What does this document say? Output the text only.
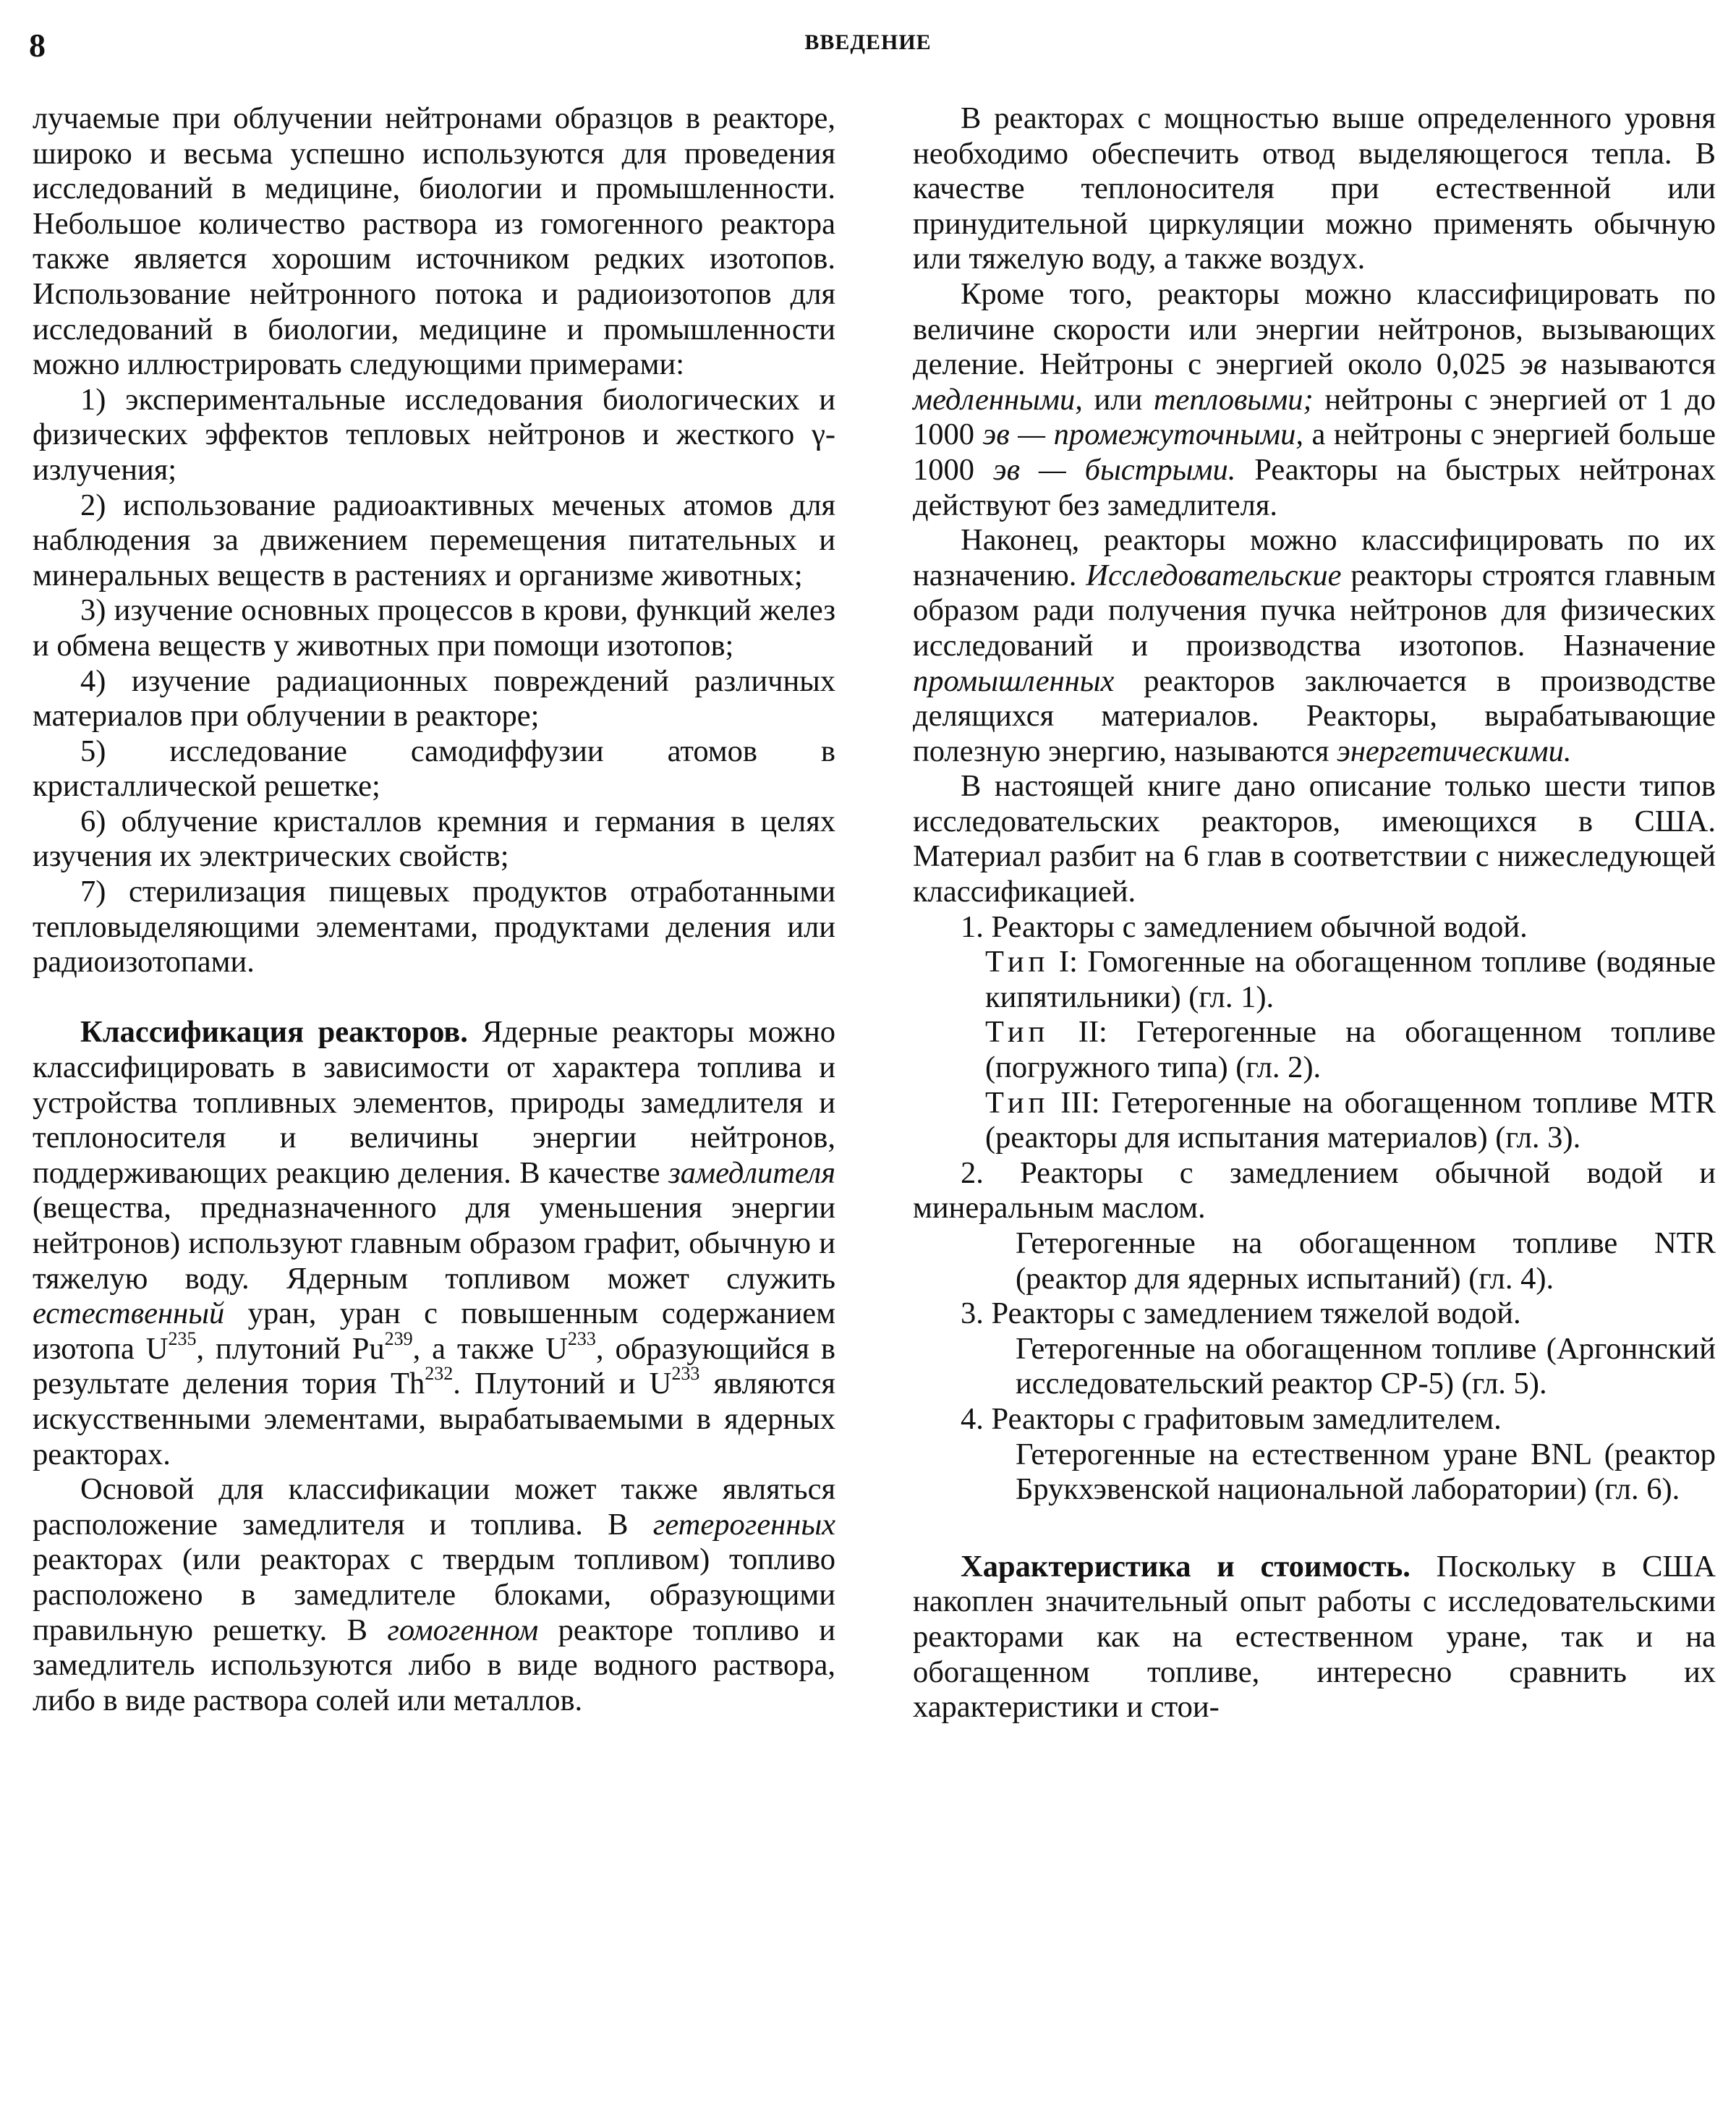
8	ВВЕДЕНИЕ

лучаемые при облучении нейтронами образцов в реакторе, широко и весьма успешно используются для проведения исследований в медицине, биологии и промышленности. Небольшое количество раствора из гомогенного реактора также является хорошим источником редких изотопов. Использование нейтронного потока и радиоизотопов для исследований в биологии, медицине и промышленности можно иллюстрировать следующими примерами:

1) экспериментальные исследования биологических и физических эффектов тепловых нейтронов и жесткого γ-излучения;

2) использование радиоактивных меченых атомов для наблюдения за движением перемещения питательных и минеральных веществ в растениях и организме животных;

3) изучение основных процессов в крови, функций желез и обмена веществ у животных при помощи изотопов;

4) изучение радиационных повреждений различных материалов при облучении в реакторе;

5) исследование самодиффузии атомов в кристаллической решетке;

6) облучение кристаллов кремния и германия в целях изучения их электрических свойств;

7) стерилизация пищевых продуктов отработанными тепловыделяющими элементами, продуктами деления или радиоизотопами.

Классификация реакторов. Ядерные реакторы можно классифицировать в зависимости от характера топлива и устройства топливных элементов, природы замедлителя и теплоносителя и величины энергии нейтронов, поддерживающих реакцию деления. В качестве замедлителя (вещества, предназначенного для уменьшения энергии нейтронов) используют главным образом графит, обычную и тяжелую воду. Ядерным топливом может служить естественный уран, уран с повышенным содержанием изотопа $U^{235}$, плутоний Pu$^{239}$, а также $U^{233}$, образующийся в результате деления тория Th$^{232}$. Плутоний и $U^{233}$ являются искусственными элементами, вырабатываемыми в ядерных реакторах.

Основой для классификации может также являться расположение замедлителя и топлива. В гетерогенных реакторах (или реакторах с твердым топливом) топливо расположено в замедлителе блоками, образующими правильную решетку. В гомогенном реакторе топливо и замедлитель используются либо в виде водного раствора, либо в виде раствора солей или металлов.

В реакторах с мощностью выше определенного уровня необходимо обеспечить отвод выделяющегося тепла. В качестве теплоносителя при естественной или принудительной циркуляции можно применять обычную или тяжелую воду, а также воздух.

Кроме того, реакторы можно классифицировать по величине скорости или энергии нейтронов, вызывающих деление. Нейтроны с энергией около 0,025 эв называются медленными, или тепловыми; нейтроны с энергией от 1 до 1000 эв — промежуточными, а нейтроны с энергией больше 1000 эв — быстрыми. Реакторы на быстрых нейтронах действуют без замедлителя.

Наконец, реакторы можно классифицировать по их назначению. Исследовательские реакторы строятся главным образом ради получения пучка нейтронов для физических исследований и производства изотопов. Назначение промышленных реакторов заключается в производстве делящихся материалов. Реакторы, вырабатывающие полезную энергию, называются энергетическими.

В настоящей книге дано описание только шести типов исследовательских реакторов, имеющихся в США. Материал разбит на 6 глав в соответствии с нижеследующей классификацией.

1. Реакторы с замедлением обычной водой.

Тип I: Гомогенные на обогащенном топливе (водяные кипятильники) (гл. 1).

Тип II: Гетерогенные на обогащенном топливе (погружного типа) (гл. 2).

Тип III: Гетерогенные на обогащенном топливе MTR (реакторы для испытания материалов) (гл. 3).

2. Реакторы с замедлением обычной водой и минеральным маслом.

Гетерогенные на обогащенном топливе NTR (реактор для ядерных испытаний) (гл. 4).

3. Реакторы с замедлением тяжелой водой.

Гетерогенные на обогащенном топливе (Аргоннский исследовательский реактор CP-5) (гл. 5).

4. Реакторы с графитовым замедлителем.

Гетерогенные на естественном уране BNL (реактор Брукхэвенской национальной лаборатории) (гл. 6).

Характеристика и стоимость. Поскольку в США накоплен значительный опыт работы с исследовательскими реакторами как на естественном уране, так и на обогащенном топливе, интересно сравнить их характеристики и стои-
